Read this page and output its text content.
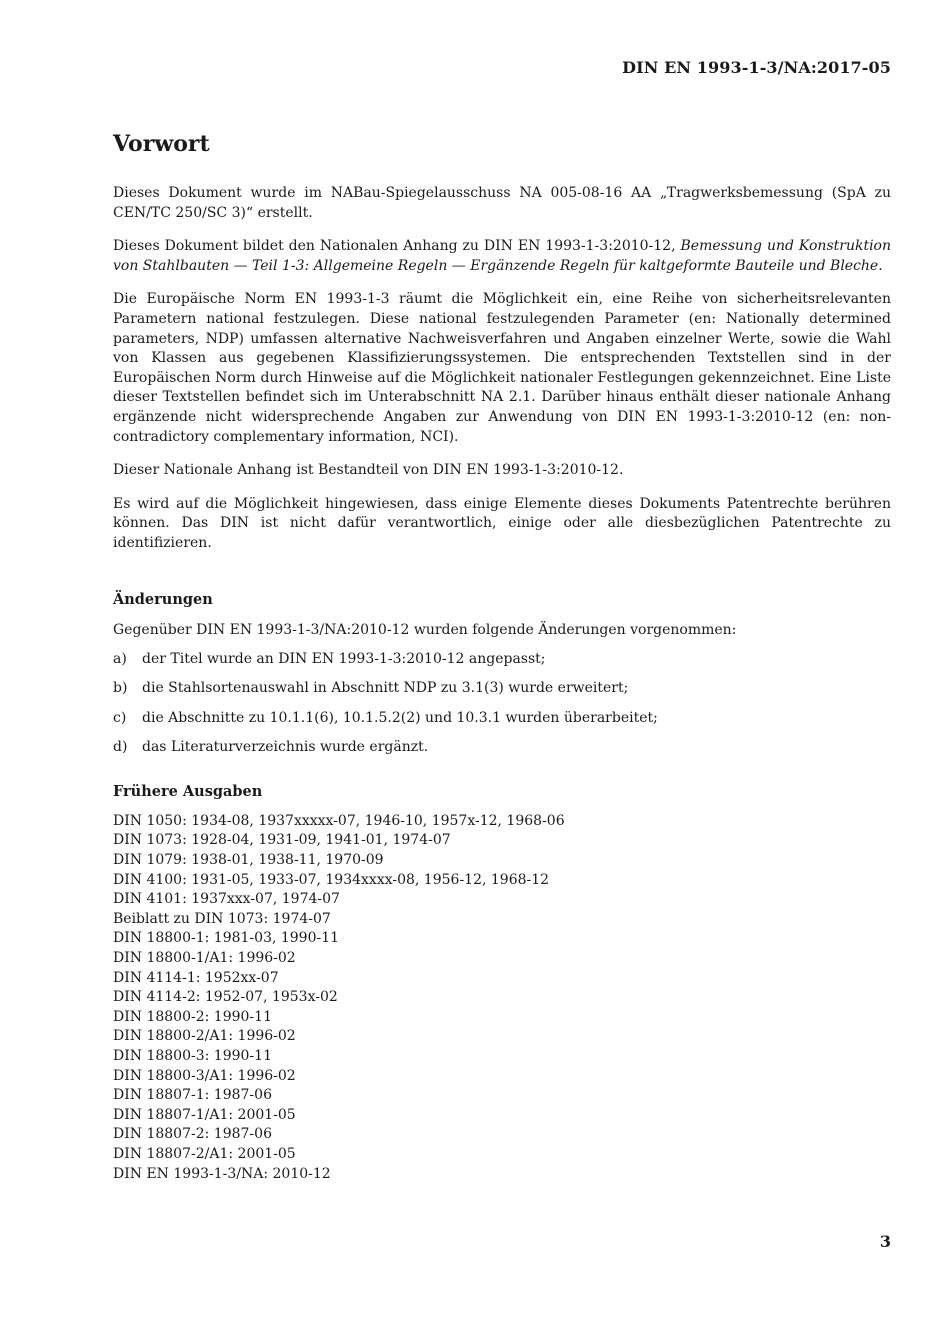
DIN EN 1993-1-3/NA:2017-05
Vorwort

Dieses Dokument wurde im NABau-Spiegelausschuss NA 005-08-16 AA „Tragwerksbemessung (SpA zu CEN/TC 250/SC 3)“ erstellt.

Dieses Dokument bildet den Nationalen Anhang zu DIN EN 1993-1-3:2010-12, Bemessung und Konstruktion von Stahlbauten — Teil 1-3: Allgemeine Regeln — Ergänzende Regeln für kaltgeformte Bauteile und Bleche.

Die Europäische Norm EN 1993-1-3 räumt die Möglichkeit ein, eine Reihe von sicherheitsrelevanten Parametern national festzulegen. Diese national festzulegenden Parameter (en: Nationally determined parameters, NDP) umfassen alternative Nachweisverfahren und Angaben einzelner Werte, sowie die Wahl von Klassen aus gegebenen Klassifizierungssystemen. Die entsprechenden Textstellen sind in der Europäischen Norm durch Hinweise auf die Möglichkeit nationaler Festlegungen gekennzeichnet. Eine Liste dieser Textstellen befindet sich im Unterabschnitt NA 2.1. Darüber hinaus enthält dieser nationale Anhang ergänzende nicht widersprechende Angaben zur Anwendung von DIN EN 1993-1-3:2010-12 (en: non-contradictory complementary information, NCI).

Dieser Nationale Anhang ist Bestandteil von DIN EN 1993-1-3:2010-12.

Es wird auf die Möglichkeit hingewiesen, dass einige Elemente dieses Dokuments Patentrechte berühren können. Das DIN ist nicht dafür verantwortlich, einige oder alle diesbezüglichen Patentrechte zu identifizieren.

Änderungen
Gegenüber DIN EN 1993-1-3/NA:2010-12 wurden folgende Änderungen vorgenommen:
a)	der Titel wurde an DIN EN 1993-1-3:2010-12 angepasst;
b)	die Stahlsortenauswahl in Abschnitt NDP zu 3.1(3) wurde erweitert;
c)	die Abschnitte zu 10.1.1(6), 10.1.5.2(2) und 10.3.1 wurden überarbeitet;
d)	das Literaturverzeichnis wurde ergänzt.
Frühere Ausgaben
DIN 1050: 1934-08, 1937xxxxx-07, 1946-10, 1957x-12, 1968-06
DIN 1073: 1928-04, 1931-09, 1941-01, 1974-07
DIN 1079: 1938-01, 1938-11, 1970-09
DIN 4100: 1931-05, 1933-07, 1934xxxx-08, 1956-12, 1968-12
DIN 4101: 1937xxx-07, 1974-07
Beiblatt zu DIN 1073: 1974-07
DIN 18800-1: 1981-03, 1990-11
DIN 18800-1/A1: 1996-02
DIN 4114-1: 1952xx-07
DIN 4114-2: 1952-07, 1953x-02
DIN 18800-2: 1990-11
DIN 18800-2/A1: 1996-02
DIN 18800-3: 1990-11
DIN 18800-3/A1: 1996-02
DIN 18807-1: 1987-06
DIN 18807-1/A1: 2001-05
DIN 18807-2: 1987-06
DIN 18807-2/A1: 2001-05
DIN EN 1993-1-3/NA: 2010-12
3
